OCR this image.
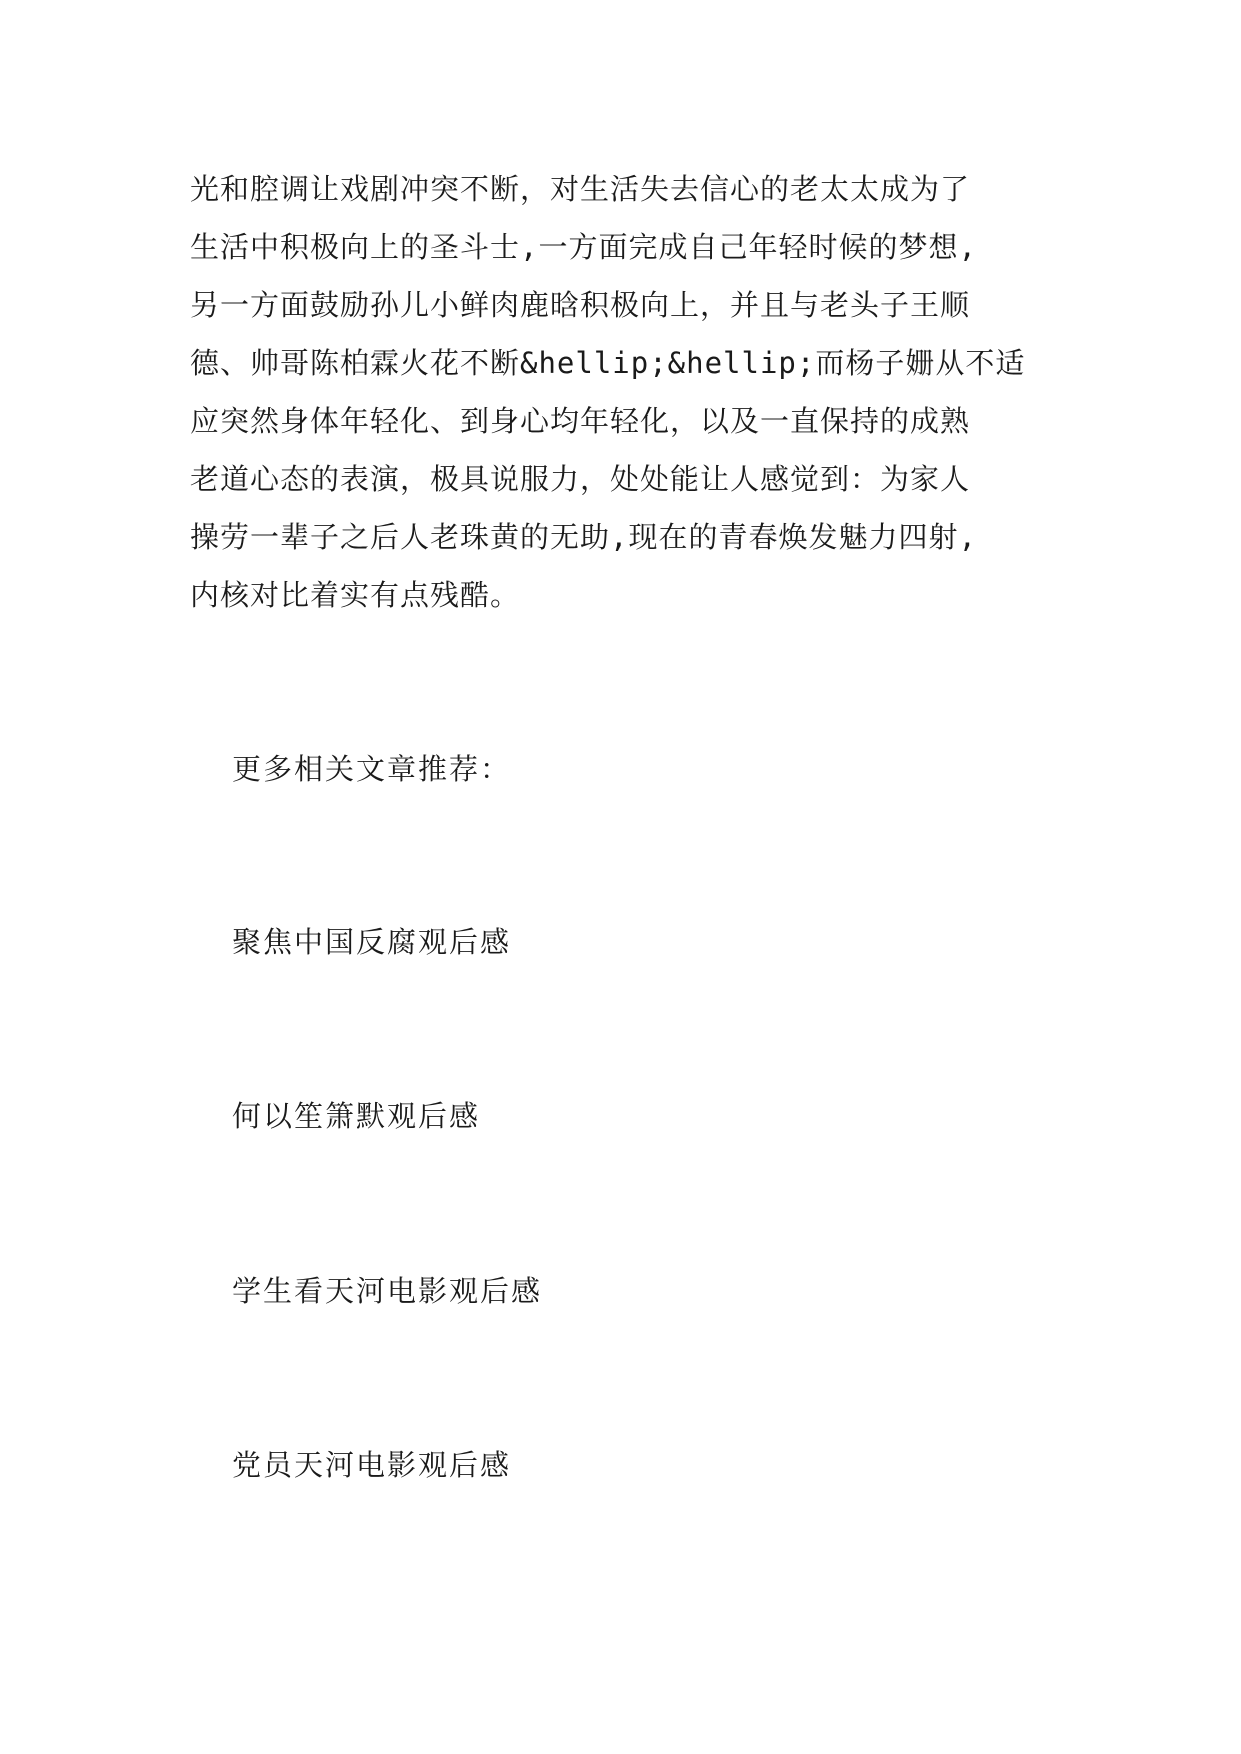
光和腔调让戏剧冲突不断，对生活失去信心的老太太成为了
生活中积极向上的圣斗士,一方面完成自己年轻时候的梦想,
另一方面鼓励孙儿小鲜肉鹿晗积极向上，并且与老头子王顺
德、帅哥陈柏霖火花不断&hellip;&hellip;而杨子姗从不适
应突然身体年轻化、到身心均年轻化，以及一直保持的成熟
老道心态的表演，极具说服力，处处能让人感觉到：为家人
操劳一辈子之后人老珠黄的无助,现在的青春焕发魅力四射,
内核对比着实有点残酷。
更多相关文章推荐：
聚焦中国反腐观后感
何以笙箫默观后感
学生看天河电影观后感
党员天河电影观后感
